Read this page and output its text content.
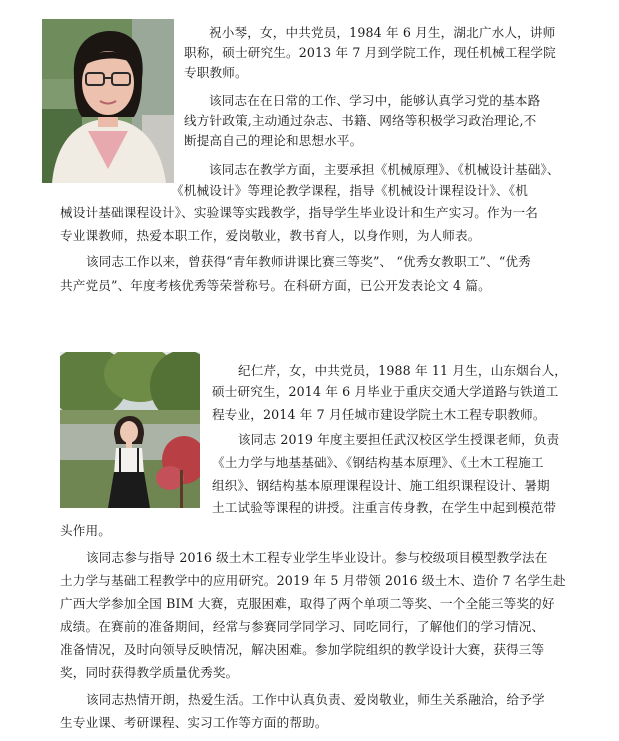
祝小琴，女，中共党员，1984 年 6 月生，湖北广水人，讲师

职称，硕士研究生。2013 年 7 月到学院工作，现任机械工程学院

专职教师。

该同志在在日常的工作、学习中，能够认真学习党的基本路

线方针政策,主动通过杂志、书籍、网络等积极学习政治理论,不

断提高自己的理论和思想水平。

该同志在教学方面，主要承担《机械原理》、《机械设计基础》、

《机械设计》等理论教学课程，指导《机械设计课程设计》、《机

械设计基础课程设计》、实验课等实践教学，指导学生毕业设计和生产实习。作为一名

专业课教师，热爱本职工作，爱岗敬业，教书育人，以身作则，为人师表。

该同志工作以来，曾获得“青年教师讲课比赛三等奖”、 “优秀女教职工”、“优秀

共产党员”、年度考核优秀等荣誉称号。在科研方面，已公开发表论文 4 篇。

纪仁芹，女，中共党员，1988 年 11 月生，山东烟台人，

硕士研究生，2014 年 6 月毕业于重庆交通大学道路与铁道工

程专业，2014 年 7 月任城市建设学院土木工程专职教师。

该同志 2019 年度主要担任武汉校区学生授课老师，负责

《土力学与地基基础》、《钢结构基本原理》、《土木工程施工

组织》、钢结构基本原理课程设计、施工组织课程设计、暑期

土工试验等课程的讲授。注重言传身教，在学生中起到模范带

头作用。

该同志参与指导 2016 级土木工程专业学生毕业设计。参与校级项目模型教学法在

土力学与基础工程教学中的应用研究。2019 年 5 月带领 2016 级土木、造价 7 名学生赴

广西大学参加全国 BIM 大赛，克服困难，取得了两个单项二等奖、一个全能三等奖的好

成绩。在赛前的准备期间，经常与参赛同学同学习、同吃同行，了解他们的学习情况、

准备情况，及时向领导反映情况，解决困难。参加学院组织的教学设计大赛，获得三等

奖，同时获得教学质量优秀奖。

该同志热情开朗，热爱生活。工作中认真负责、爱岗敬业，师生关系融洽，给予学

生专业课、考研课程、实习工作等方面的帮助。
